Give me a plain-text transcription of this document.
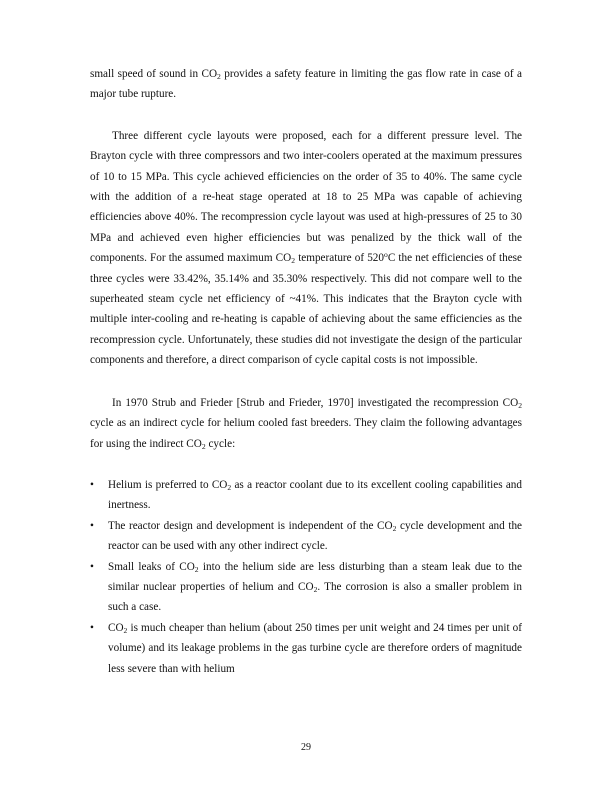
small speed of sound in $CO_2$ provides a safety feature in limiting the gas flow rate in case of a major tube rupture.

Three different cycle layouts were proposed, each for a different pressure level. The Brayton cycle with three compressors and two inter-coolers operated at the maximum pressures of 10 to 15 MPa. This cycle achieved efficiencies on the order of 35 to 40%. The same cycle with the addition of a re-heat stage operated at 18 to 25 MPa was capable of achieving efficiencies above 40%. The recompression cycle layout was used at high-pressures of 25 to 30 MPa and achieved even higher efficiencies but was penalized by the thick wall of the components. For the assumed maximum $CO_2$ temperature of 520$^o$C the net efficiencies of these three cycles were 33.42%, 35.14% and 35.30% respectively. This did not compare well to the superheated steam cycle net efficiency of ~41%. This indicates that the Brayton cycle with multiple inter-cooling and re-heating is capable of achieving about the same efficiencies as the recompression cycle. Unfortunately, these studies did not investigate the design of the particular components and therefore, a direct comparison of cycle capital costs is not impossible.

In 1970 Strub and Frieder [Strub and Frieder, 1970] investigated the recompression $CO_2$ cycle as an indirect cycle for helium cooled fast breeders. They claim the following advantages for using the indirect $CO_2$ cycle:

• Helium is preferred to $CO_2$ as a reactor coolant due to its excellent cooling capabilities and inertness.
• The reactor design and development is independent of the $CO_2$ cycle development and the reactor can be used with any other indirect cycle.
• Small leaks of $CO_2$ into the helium side are less disturbing than a steam leak due to the similar nuclear properties of helium and $CO_2$. The corrosion is also a smaller problem in such a case.
• $CO_2$ is much cheaper than helium (about 250 times per unit weight and 24 times per unit of volume) and its leakage problems in the gas turbine cycle are therefore orders of magnitude less severe than with helium
29
